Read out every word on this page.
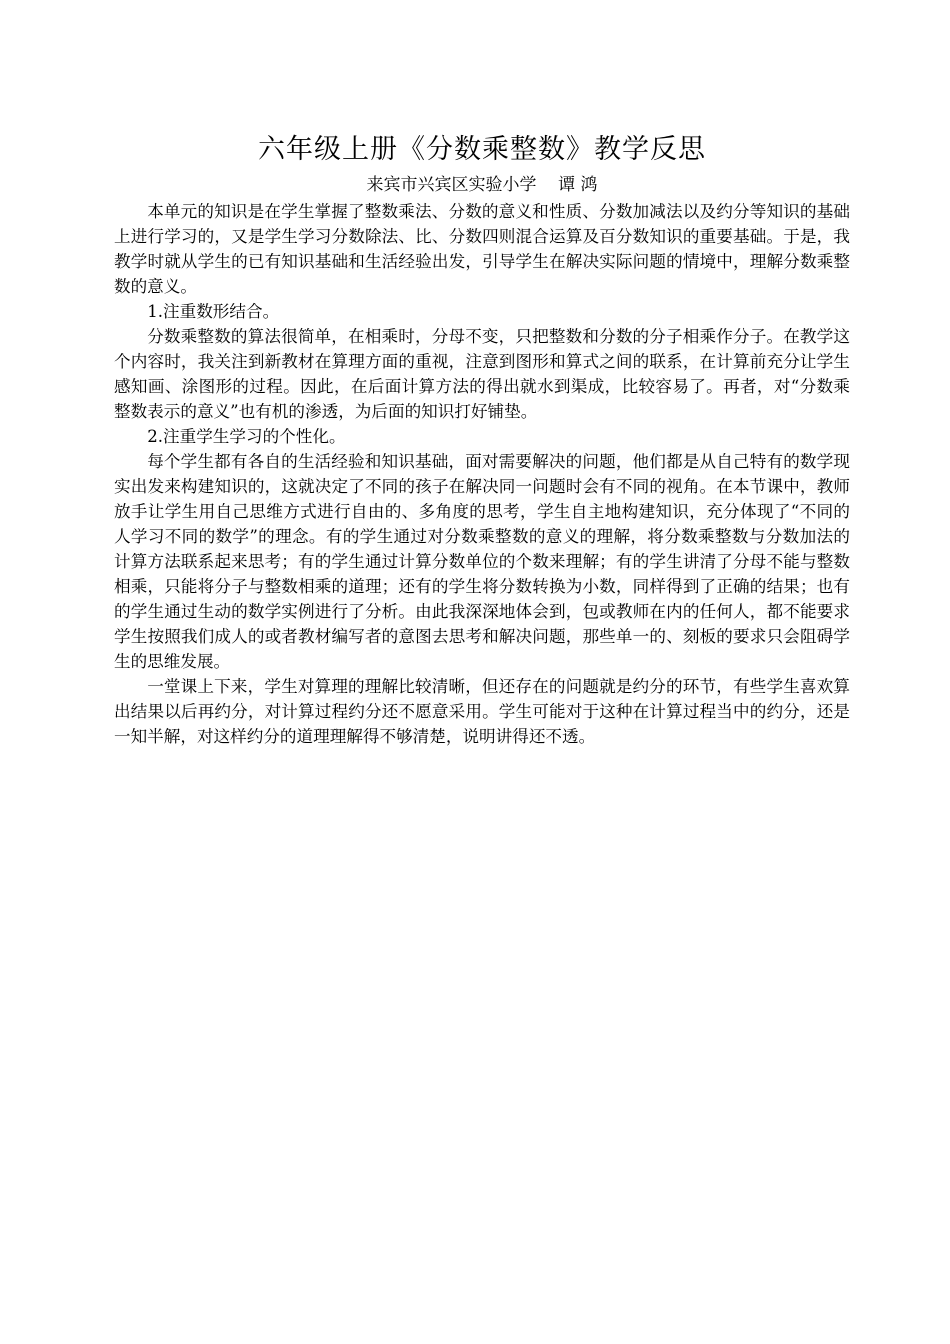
六年级上册《分数乘整数》教学反思

来宾市兴宾区实验小学    谭 鸿

本单元的知识是在学生掌握了整数乘法、分数的意义和性质、分数加减法以及约分等知识的基础上进行学习的，又是学生学习分数除法、比、分数四则混合运算及百分数知识的重要基础。于是，我教学时就从学生的已有知识基础和生活经验出发，引导学生在解决实际问题的情境中，理解分数乘整数的意义。

1.注重数形结合。

分数乘整数的算法很简单，在相乘时，分母不变，只把整数和分数的分子相乘作分子。在教学这个内容时，我关注到新教材在算理方面的重视，注意到图形和算式之间的联系，在计算前充分让学生感知画、涂图形的过程。因此，在后面计算方法的得出就水到渠成，比较容易了。再者，对“分数乘整数表示的意义”也有机的渗透，为后面的知识打好铺垫。

2.注重学生学习的个性化。

每个学生都有各自的生活经验和知识基础，面对需要解决的问题，他们都是从自己特有的数学现实出发来构建知识的，这就决定了不同的孩子在解决同一问题时会有不同的视角。在本节课中，教师放手让学生用自己思维方式进行自由的、多角度的思考，学生自主地构建知识，充分体现了“不同的人学习不同的数学”的理念。有的学生通过对分数乘整数的意义的理解，将分数乘整数与分数加法的计算方法联系起来思考；有的学生通过计算分数单位的个数来理解；有的学生讲清了分母不能与整数相乘，只能将分子与整数相乘的道理；还有的学生将分数转换为小数，同样得到了正确的结果；也有的学生通过生动的数学实例进行了分析。由此我深深地体会到，包或教师在内的任何人，都不能要求学生按照我们成人的或者教材编写者的意图去思考和解决问题，那些单一的、刻板的要求只会阻碍学生的思维发展。

一堂课上下来，学生对算理的理解比较清晰，但还存在的问题就是约分的环节，有些学生喜欢算出结果以后再约分，对计算过程约分还不愿意采用。学生可能对于这种在计算过程当中的约分，还是一知半解，对这样约分的道理理解得不够清楚，说明讲得还不透。
